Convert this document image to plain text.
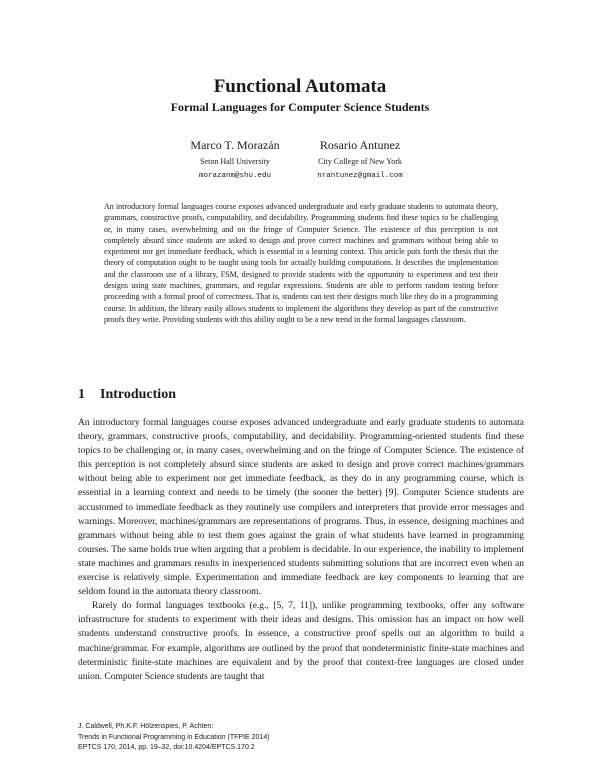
Functional Automata
Formal Languages for Computer Science Students
Marco T. Morazán
Seton Hall University
morazanm@shu.edu
Rosario Antunez
City College of New York
nrantunez@gmail.com

An introductory formal languages course exposes advanced undergraduate and early graduate students to automata theory, grammars, constructive proofs, computability, and decidability. Programming students find these topics to be challenging or, in many cases, overwhelming and on the fringe of Computer Science. The existence of this perception is not completely absurd since students are asked to design and prove correct machines and grammars without being able to experiment nor get immediate feedback, which is essential in a learning context. This article puts forth the thesis that the theory of computation ought to be taught using tools for actually building computations. It describes the implementation and the classroom use of a library, FSM, designed to provide students with the opportunity to experiment and test their designs using state machines, grammars, and regular expressions. Students are able to perform random testing before proceeding with a formal proof of correctness. That is, students can test their designs much like they do in a programming course. In addition, the library easily allows students to implement the algorithms they develop as part of the constructive proofs they write. Providing students with this ability ought to be a new trend in the formal languages classroom.

1 Introduction

An introductory formal languages course exposes advanced undergraduate and early graduate students to automata theory, grammars, constructive proofs, computability, and decidability. Programming-oriented students find these topics to be challenging or, in many cases, overwhelming and on the fringe of Computer Science. The existence of this perception is not completely absurd since students are asked to design and prove correct machines/grammars without being able to experiment nor get immediate feedback, as they do in any programming course, which is essential in a learning context and needs to be timely (the sooner the better) [9]. Computer Science students are accustomed to immediate feedback as they routinely use compilers and interpreters that provide error messages and warnings. Moreover, machines/grammars are representations of programs. Thus, in essence, designing machines and grammars without being able to test them goes against the grain of what students have learned in programming courses. The same holds true when arguing that a problem is decidable. In our experience, the inability to implement state machines and grammars results in inexperienced students submitting solutions that are incorrect even when an exercise is relatively simple. Experimentation and immediate feedback are key components to learning that are seldom found in the automata theory classroom.

Rarely do formal languages textbooks (e.g., [5, 7, 11]), unlike programming textbooks, offer any software infrastructure for students to experiment with their ideas and designs. This omission has an impact on how well students understand constructive proofs. In essence, a constructive proof spells out an algorithm to build a machine/grammar. For example, algorithms are outlined by the proof that nondeterministic finite-state machines and deterministic finite-state machines are equivalent and by the proof that context-free languages are closed under union. Computer Science students are taught that

J. Caldwell, Ph.K.F. Hölzenspies, P. Achten:
Trends in Functional Programming in Education (TFPIE 2014)
EPTCS 170, 2014, pp. 19–32, doi:10.4204/EPTCS.170.2
